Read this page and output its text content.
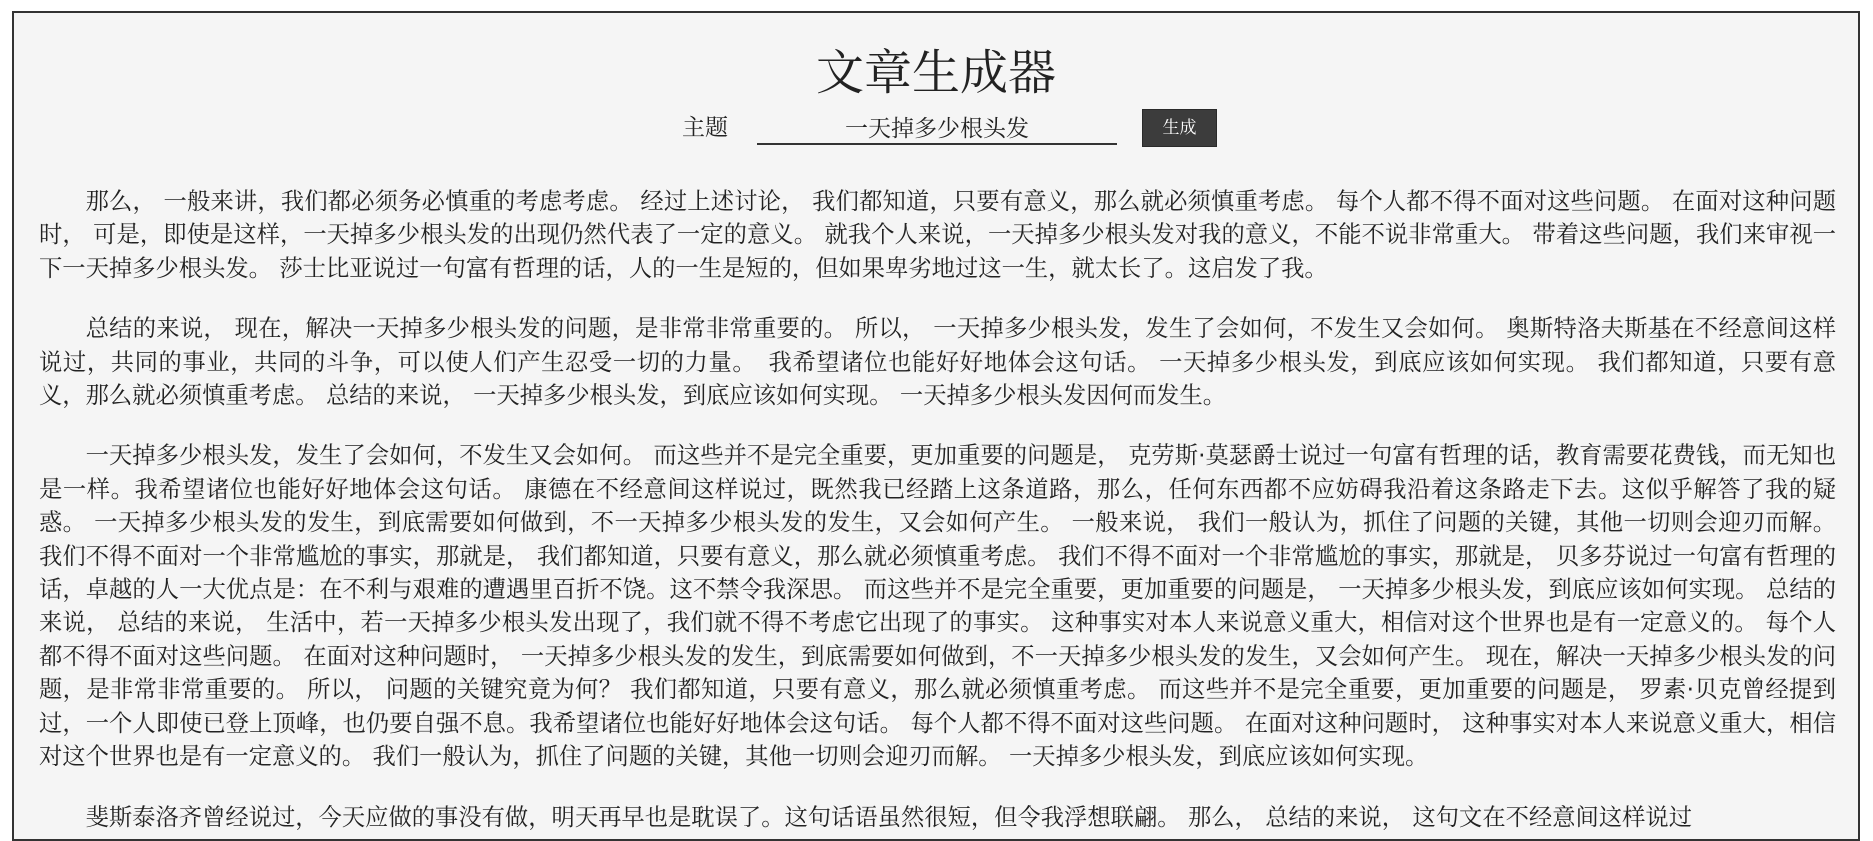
文章生成器
主题
一天掉多少根头发	生成

那么， 一般来讲，我们都必须务必慎重的考虑考虑。 经过上述讨论， 我们都知道，只要有意义，那么就必须慎重考虑。 每个人都不得不面对这些问题。 在面对这种问题时， 可是，即使是这样，一天掉多少根头发的出现仍然代表了一定的意义。 就我个人来说，一天掉多少根头发对我的意义，不能不说非常重大。 带着这些问题，我们来审视一下一天掉多少根头发。 莎士比亚说过一句富有哲理的话，人的一生是短的，但如果卑劣地过这一生，就太长了。这启发了我。

总结的来说， 现在，解决一天掉多少根头发的问题，是非常非常重要的。 所以， 一天掉多少根头发，发生了会如何，不发生又会如何。 奥斯特洛夫斯基在不经意间这样说过，共同的事业，共同的斗争，可以使人们产生忍受一切的力量。　我希望诸位也能好好地体会这句话。 一天掉多少根头发，到底应该如何实现。 我们都知道，只要有意义，那么就必须慎重考虑。 总结的来说， 一天掉多少根头发，到底应该如何实现。 一天掉多少根头发因何而发生。

一天掉多少根头发，发生了会如何，不发生又会如何。 而这些并不是完全重要，更加重要的问题是， 克劳斯·莫瑟爵士说过一句富有哲理的话，教育需要花费钱，而无知也是一样。我希望诸位也能好好地体会这句话。 康德在不经意间这样说过，既然我已经踏上这条道路，那么，任何东西都不应妨碍我沿着这条路走下去。这似乎解答了我的疑惑。 一天掉多少根头发的发生，到底需要如何做到，不一天掉多少根头发的发生，又会如何产生。 一般来说， 我们一般认为，抓住了问题的关键，其他一切则会迎刃而解。 我们不得不面对一个非常尴尬的事实，那就是， 我们都知道，只要有意义，那么就必须慎重考虑。 我们不得不面对一个非常尴尬的事实，那就是， 贝多芬说过一句富有哲理的话，卓越的人一大优点是：在不利与艰难的遭遇里百折不饶。这不禁令我深思。 而这些并不是完全重要，更加重要的问题是， 一天掉多少根头发，到底应该如何实现。 总结的来说， 总结的来说， 生活中，若一天掉多少根头发出现了，我们就不得不考虑它出现了的事实。 这种事实对本人来说意义重大，相信对这个世界也是有一定意义的。 每个人都不得不面对这些问题。 在面对这种问题时， 一天掉多少根头发的发生，到底需要如何做到，不一天掉多少根头发的发生，又会如何产生。 现在，解决一天掉多少根头发的问题，是非常非常重要的。 所以， 问题的关键究竟为何？ 我们都知道，只要有意义，那么就必须慎重考虑。 而这些并不是完全重要，更加重要的问题是， 罗素·贝克曾经提到过，一个人即使已登上顶峰，也仍要自强不息。我希望诸位也能好好地体会这句话。 每个人都不得不面对这些问题。 在面对这种问题时， 这种事实对本人来说意义重大，相信对这个世界也是有一定意义的。 我们一般认为，抓住了问题的关键，其他一切则会迎刃而解。 一天掉多少根头发，到底应该如何实现。

斐斯泰洛齐曾经说过，今天应做的事没有做，明天再早也是耽误了。这句话语虽然很短，但令我浮想联翩。 那么， 总结的来说， 这句文在不经意间这样说过
